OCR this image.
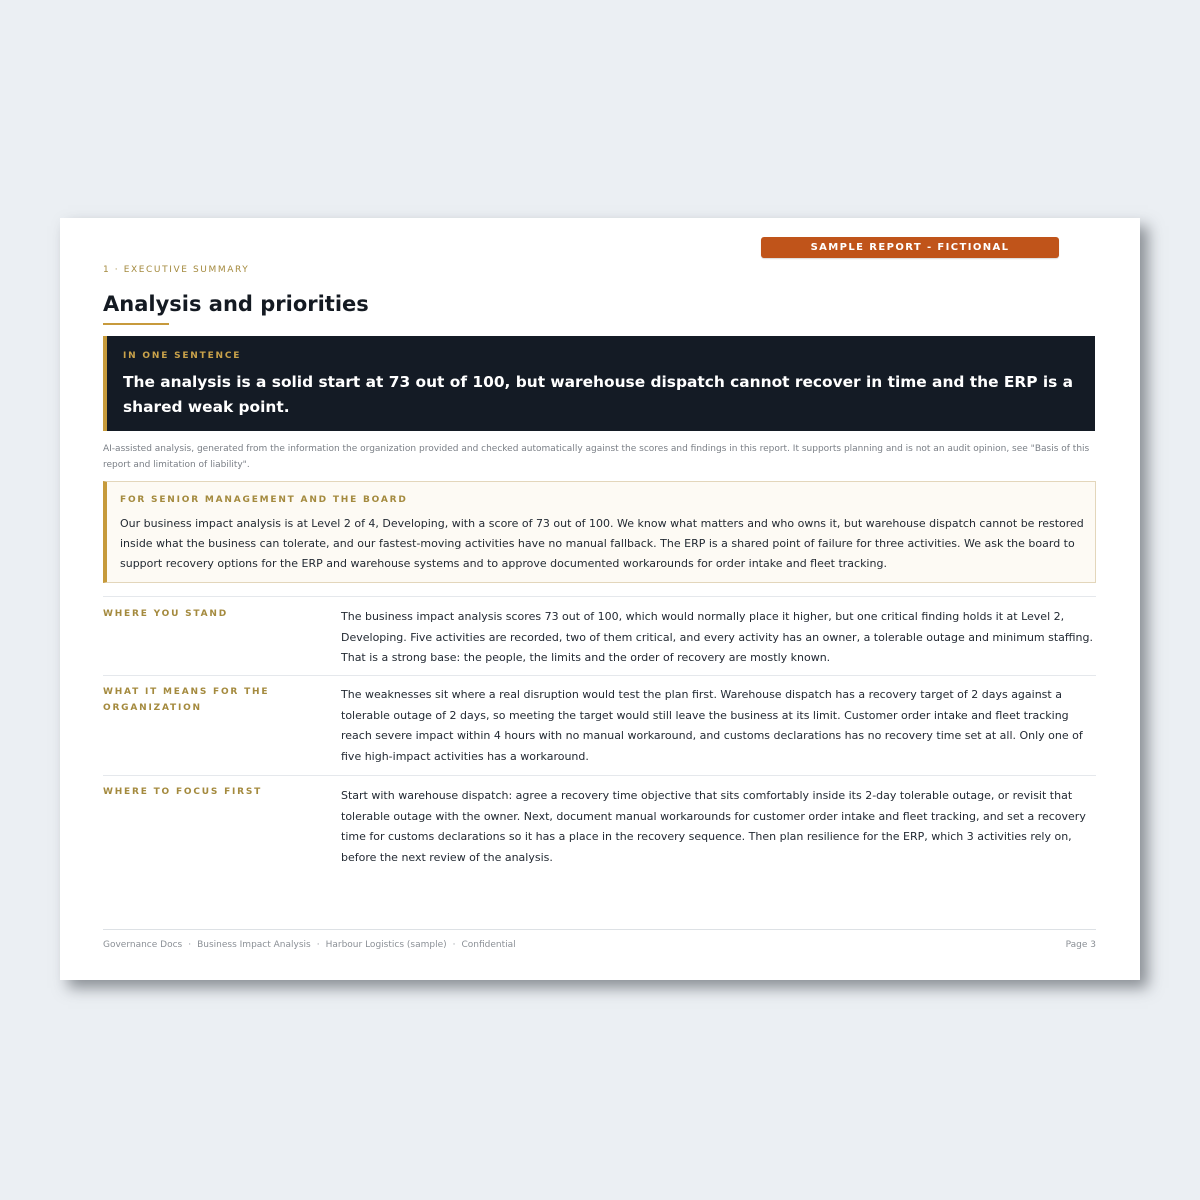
SAMPLE REPORT - FICTIONAL ORGANISATION
1 · EXECUTIVE SUMMARY
Analysis and priorities

IN ONE SENTENCE

The analysis is a solid start at 73 out of 100, but warehouse dispatch cannot recover in time and the ERP is a shared weak point.

AI-assisted analysis, generated from the information the organization provided and checked automatically against the scores and findings in this report. It supports planning and is not an audit opinion, see "Basis of this report and limitation of liability".

FOR SENIOR MANAGEMENT AND THE BOARD

Our business impact analysis is at Level 2 of 4, Developing, with a score of 73 out of 100. We know what matters and who owns it, but warehouse dispatch cannot be restored inside what the business can tolerate, and our fastest-moving activities have no manual fallback. The ERP is a shared point of failure for three activities. We ask the board to support recovery options for the ERP and warehouse systems and to approve documented workarounds for order intake and fleet tracking.

WHERE YOU STAND	The business impact analysis scores 73 out of 100, which would normally place it higher, but one critical finding holds it at Level 2, Developing. Five activities are recorded, two of them critical, and every activity has an owner, a tolerable outage and minimum staffing. That is a strong base: the people, the limits and the order of recovery are mostly known.

WHAT IT MEANS FOR THE ORGANIZATION

The weaknesses sit where a real disruption would test the plan first. Warehouse dispatch has a recovery target of 2 days against a tolerable outage of 2 days, so meeting the target would still leave the business at its limit. Customer order intake and fleet tracking reach severe impact within 4 hours with no manual workaround, and customs declarations has no recovery time set at all. Only one of five high-impact activities has a workaround.

WHERE TO FOCUS FIRST	Start with warehouse dispatch: agree a recovery time objective that sits comfortably inside its 2-day tolerable outage, or revisit that tolerable outage with the owner. Next, document manual workarounds for customer order intake and fleet tracking, and set a recovery time for customs declarations so it has a place in the recovery sequence. Then plan resilience for the ERP, which 3 activities rely on, before the next review of the analysis.

Governance Docs · Business Impact Analysis · Harbour Logistics (sample) · Confidential	Page 3
